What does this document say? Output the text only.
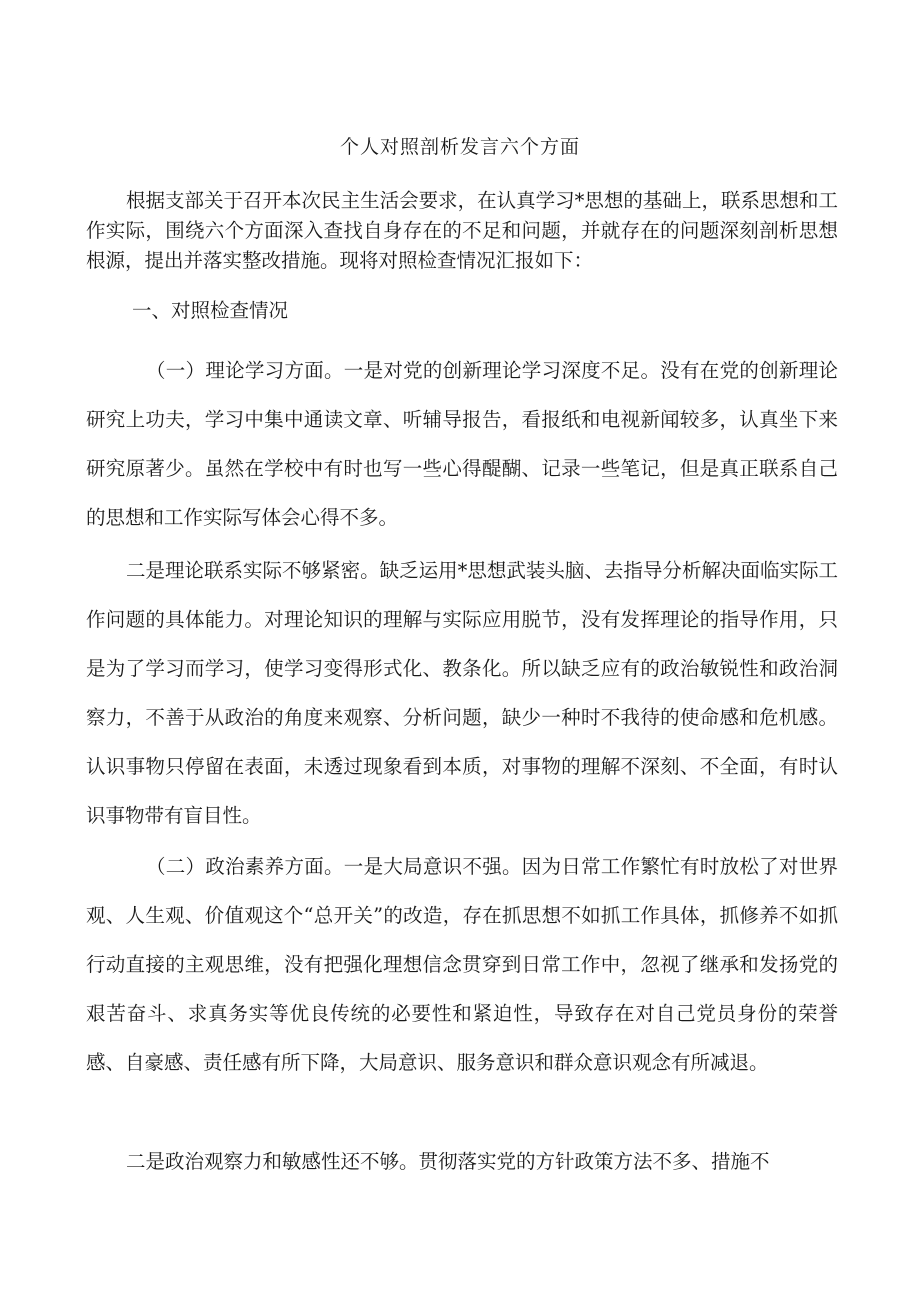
个人对照剖析发言六个方面

根据支部关于召开本次民主生活会要求，在认真学习*思想的基础上，联系思想和工作实际，围绕六个方面深入查找自身存在的不足和问题，并就存在的问题深刻剖析思想根源，提出并落实整改措施。现将对照检查情况汇报如下：

一、对照检查情况

（一）理论学习方面。一是对党的创新理论学习深度不足。没有在党的创新理论研究上功夫，学习中集中通读文章、听辅导报告，看报纸和电视新闻较多，认真坐下来研究原著少。虽然在学校中有时也写一些心得醍醐、记录一些笔记，但是真正联系自己的思想和工作实际写体会心得不多。

二是理论联系实际不够紧密。缺乏运用*思想武装头脑、去指导分析解决面临实际工作问题的具体能力。对理论知识的理解与实际应用脱节，没有发挥理论的指导作用，只是为了学习而学习，使学习变得形式化、教条化。所以缺乏应有的政治敏锐性和政治洞察力，不善于从政治的角度来观察、分析问题，缺少一种时不我待的使命感和危机感。认识事物只停留在表面，未透过现象看到本质，对事物的理解不深刻、不全面，有时认识事物带有盲目性。

（二）政治素养方面。一是大局意识不强。因为日常工作繁忙有时放松了对世界观、人生观、价值观这个“总开关”的改造，存在抓思想不如抓工作具体，抓修养不如抓行动直接的主观思维，没有把强化理想信念贯穿到日常工作中，忽视了继承和发扬党的艰苦奋斗、求真务实等优良传统的必要性和紧迫性，导致存在对自己党员身份的荣誉感、自豪感、责任感有所下降，大局意识、服务意识和群众意识观念有所减退。

二是政治观察力和敏感性还不够。贯彻落实党的方针政策方法不多、措施不
